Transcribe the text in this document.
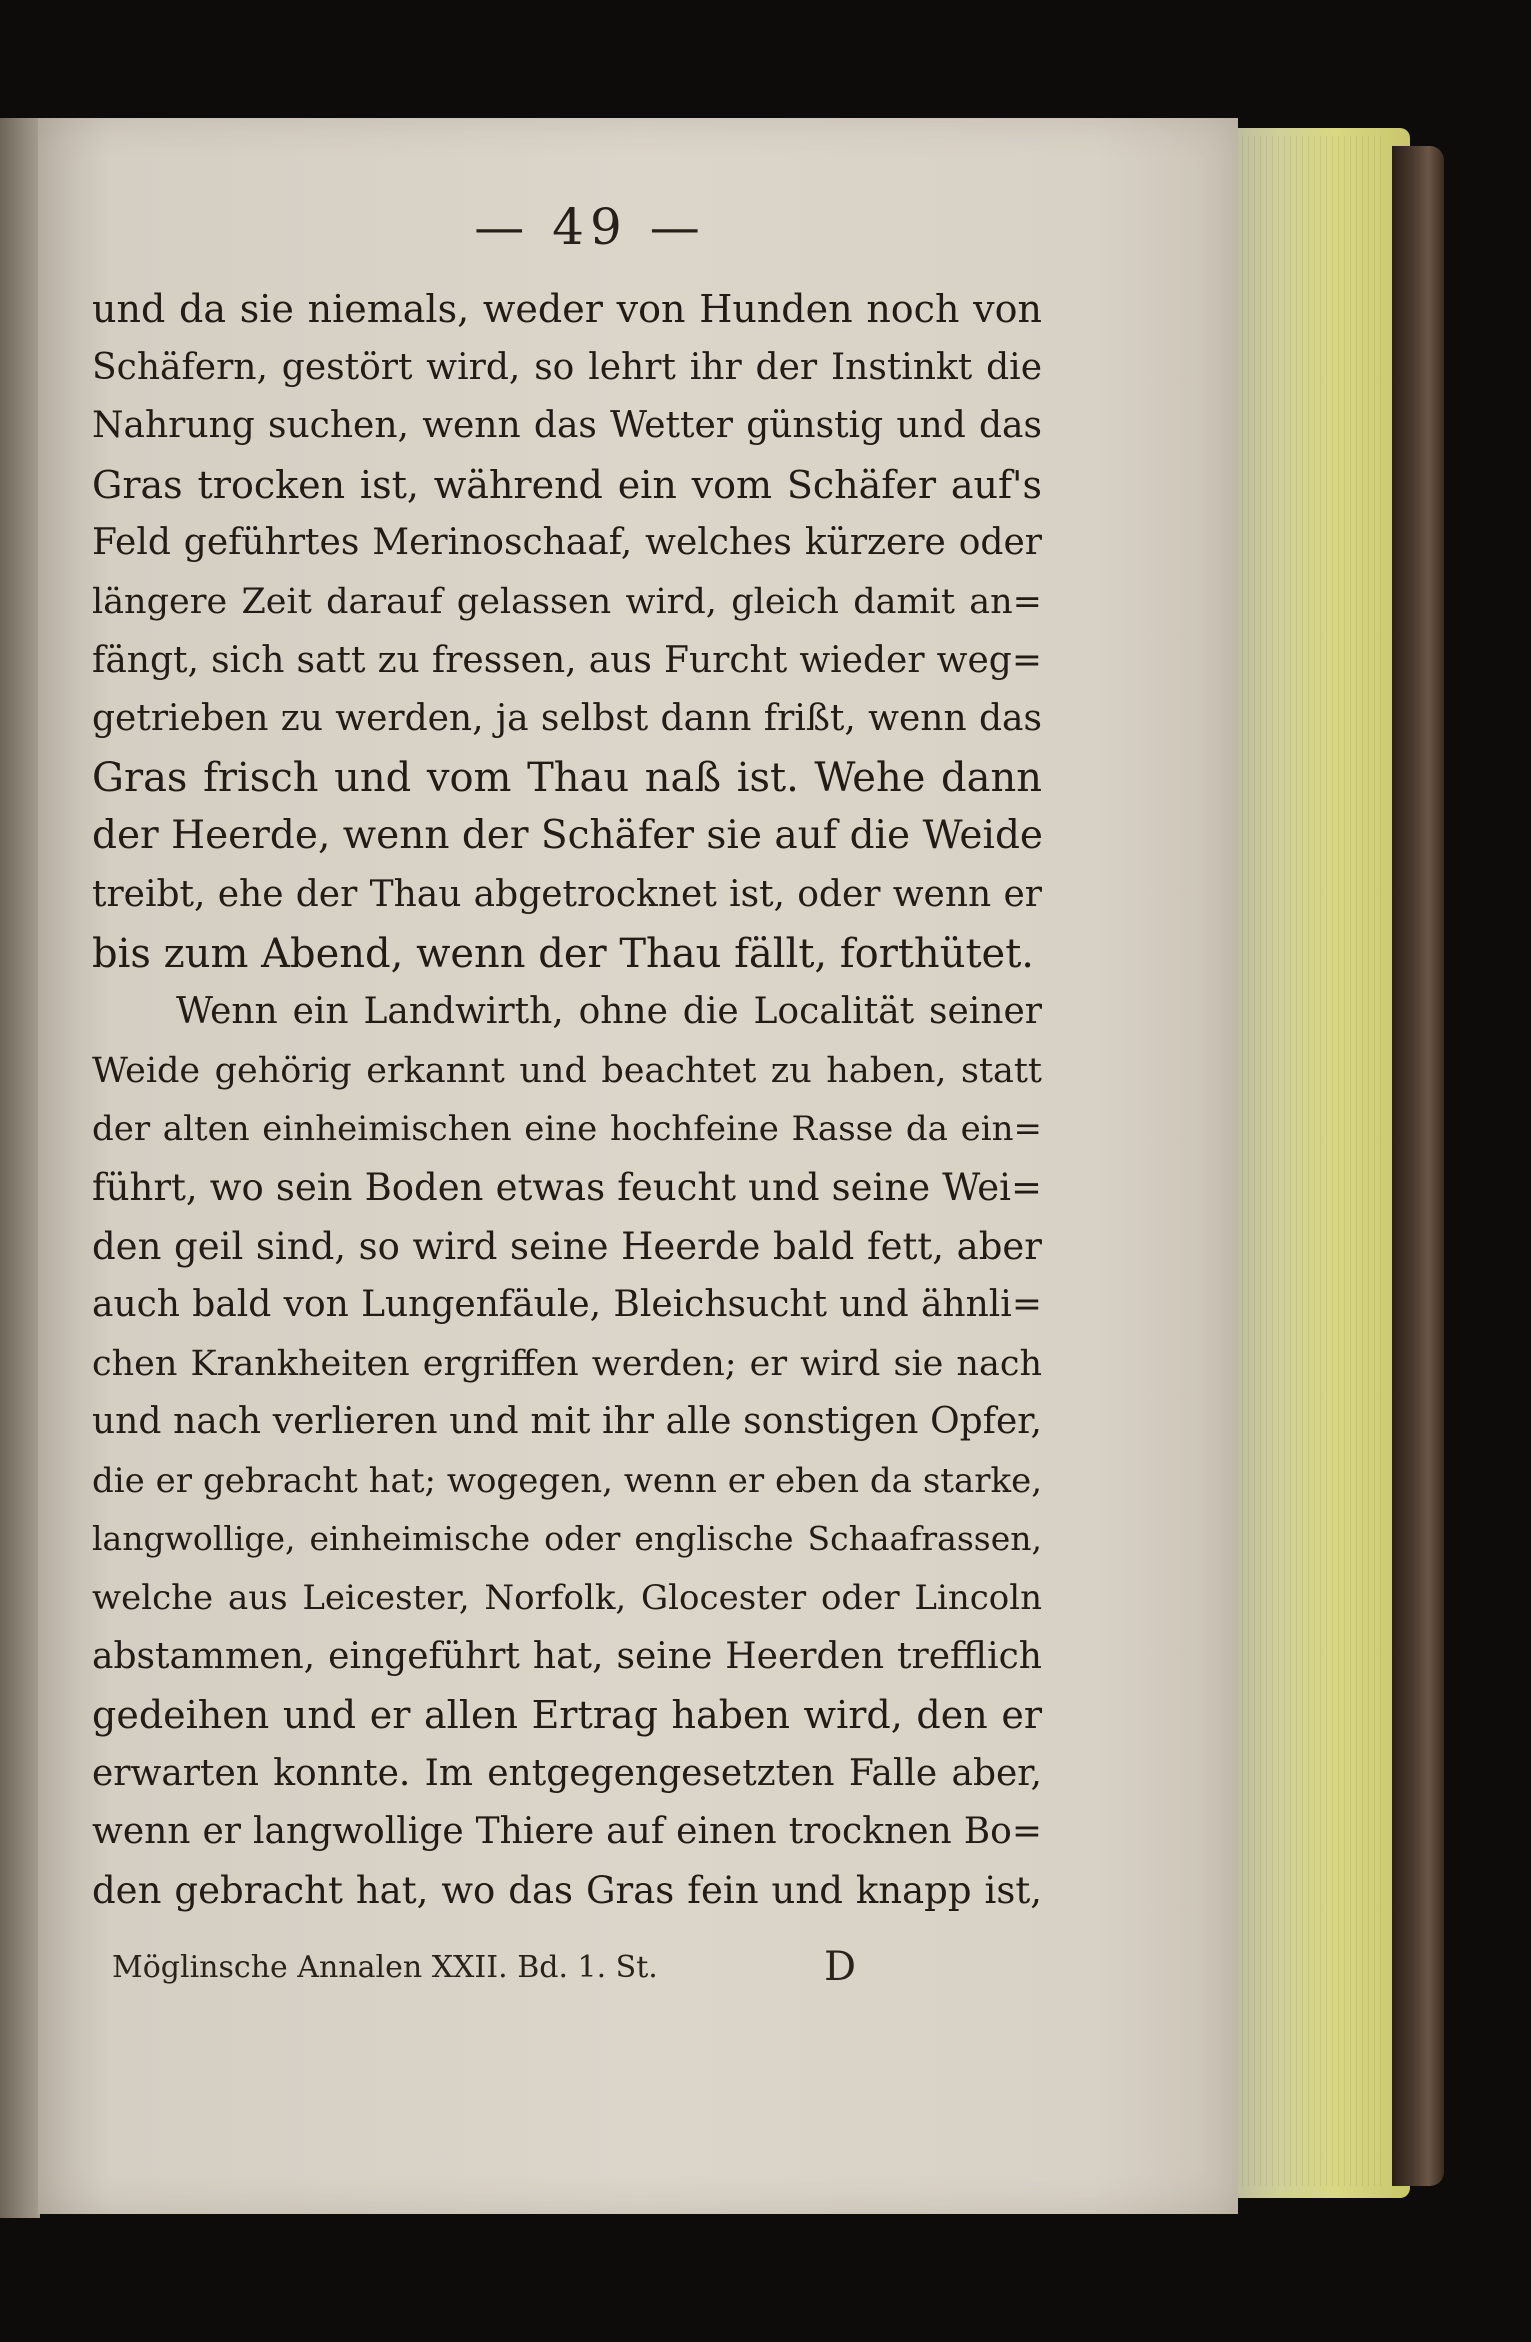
— 49 —
und da sie niemals, weder von Hunden noch von
Schäfern, gestört wird, so lehrt ihr der Instinkt die
Nahrung suchen, wenn das Wetter günstig und das
Gras trocken ist, während ein vom Schäfer auf's
Feld geführtes Merinoschaaf, welches kürzere oder
längere Zeit darauf gelassen wird, gleich damit an=
fängt, sich satt zu fressen, aus Furcht wieder weg=
getrieben zu werden, ja selbst dann frißt, wenn das
Gras frisch und vom Thau naß ist. Wehe dann
der Heerde, wenn der Schäfer sie auf die Weide
treibt, ehe der Thau abgetrocknet ist, oder wenn er
bis zum Abend, wenn der Thau fällt, forthütet.
Wenn ein Landwirth, ohne die Localität seiner
Weide gehörig erkannt und beachtet zu haben, statt
der alten einheimischen eine hochfeine Rasse da ein=
führt, wo sein Boden etwas feucht und seine Wei=
den geil sind, so wird seine Heerde bald fett, aber
auch bald von Lungenfäule, Bleichsucht und ähnli=
chen Krankheiten ergriffen werden; er wird sie nach
und nach verlieren und mit ihr alle sonstigen Opfer,
die er gebracht hat; wogegen, wenn er eben da starke,
langwollige, einheimische oder englische Schaafrassen,
welche aus Leicester, Norfolk, Glocester oder Lincoln
abstammen, eingeführt hat, seine Heerden trefflich
gedeihen und er allen Ertrag haben wird, den er
erwarten konnte. Im entgegengesetzten Falle aber,
wenn er langwollige Thiere auf einen trocknen Bo=
den gebracht hat, wo das Gras fein und knapp ist,
Möglinsche Annalen XXII. Bd. 1. St.	D
